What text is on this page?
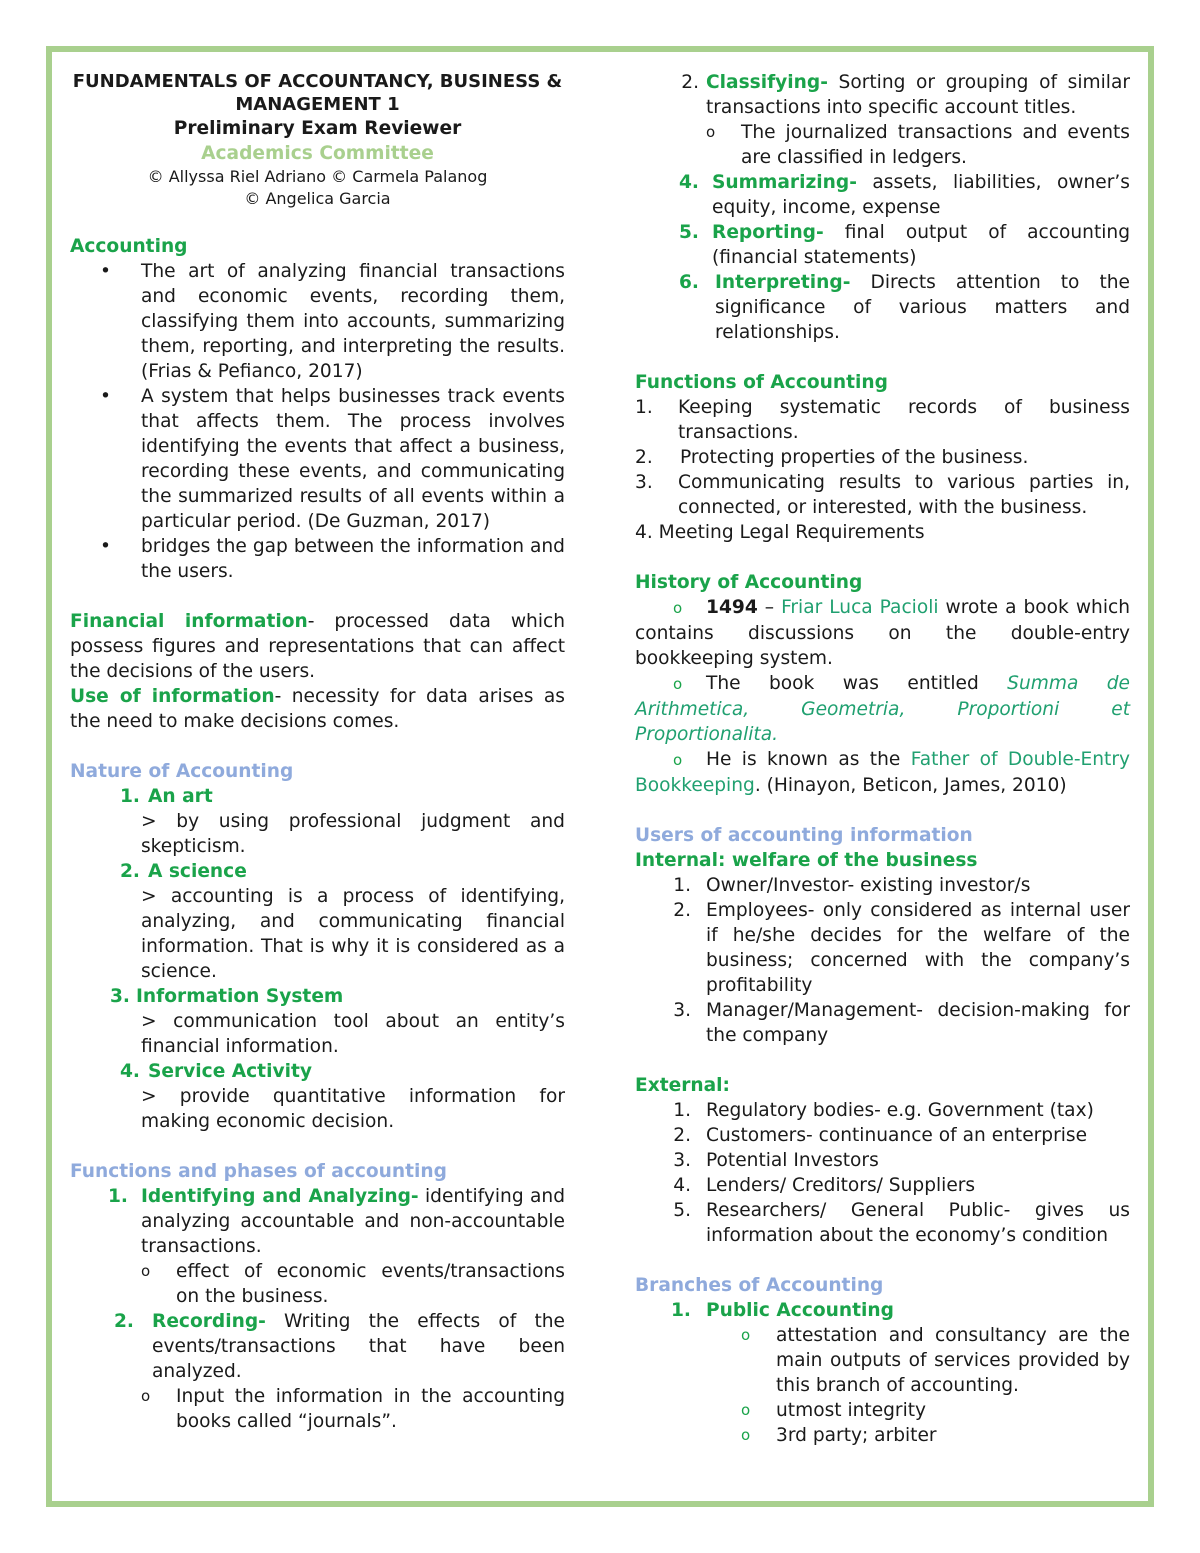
FUNDAMENTALS OF ACCOUNTANCY, BUSINESS &
MANAGEMENT 1
Preliminary Exam Reviewer
Academics Committee
© Allyssa Riel Adriano © Carmela Palanog
© Angelica Garcia
Accounting
•	The art of analyzing financial transactions and economic events, recording them, classifying them into accounts, summarizing them, reporting, and interpreting the results. (Frias & Pefianco, 2017)
•	A system that helps businesses track events that affects them. The process involves identifying the events that affect a business, recording these events, and communicating the summarized results of all events within a particular period. (De Guzman, 2017)
•	bridges the gap between the information and the users.
Financial information- processed data which possess figures and representations that can affect the decisions of the users.
Use of information- necessity for data arises as the need to make decisions comes.
Nature of Accounting
1. An art
> by using professional judgment and skepticism.
2. A science
> accounting is a process of identifying, analyzing, and communicating financial information. That is why it is considered as a science.
3. Information System
> communication tool about an entity’s financial information.
4. Service Activity
> provide quantitative information for making economic decision.
Functions and phases of accounting
1. Identifying and Analyzing- identifying and analyzing accountable and non-accountable transactions.
o	effect of economic events/transactions on the business.
2. Recording- Writing the effects of the events/transactions that have been analyzed.
o	Input the information in the accounting books called “journals”.
2. Classifying- Sorting or grouping of similar transactions into specific account titles.
o	The journalized transactions and events are classified in ledgers.
4. Summarizing- assets, liabilities, owner’s equity, income, expense
5. Reporting- final output of accounting (financial statements)
6. Interpreting- Directs attention to the significance of various matters and relationships.
Functions of Accounting
1.	Keeping systematic records of business transactions.
2.	Protecting properties of the business.
3.	Communicating results to various parties in, connected, or interested, with the business.
4. Meeting Legal Requirements
History of Accounting
o 1494 – Friar Luca Pacioli wrote a book which contains discussions on the double-entry bookkeeping system.
o The book was entitled Summa de Arithmetica, Geometria, Proportioni et Proportionalita.
o He is known as the Father of Double-Entry Bookkeeping. (Hinayon, Beticon, James, 2010)
Users of accounting information
Internal: welfare of the business
1. Owner/Investor- existing investor/s
2. Employees- only considered as internal user if he/she decides for the welfare of the business; concerned with the company’s profitability
3. Manager/Management- decision-making for the company
External:
1. Regulatory bodies- e.g. Government (tax)
2. Customers- continuance of an enterprise
3. Potential Investors
4. Lenders/ Creditors/ Suppliers
5. Researchers/ General Public- gives us information about the economy’s condition
Branches of Accounting
1. Public Accounting
o	attestation and consultancy are the main outputs of services provided by this branch of accounting.
o	utmost integrity
o	3rd party; arbiter
